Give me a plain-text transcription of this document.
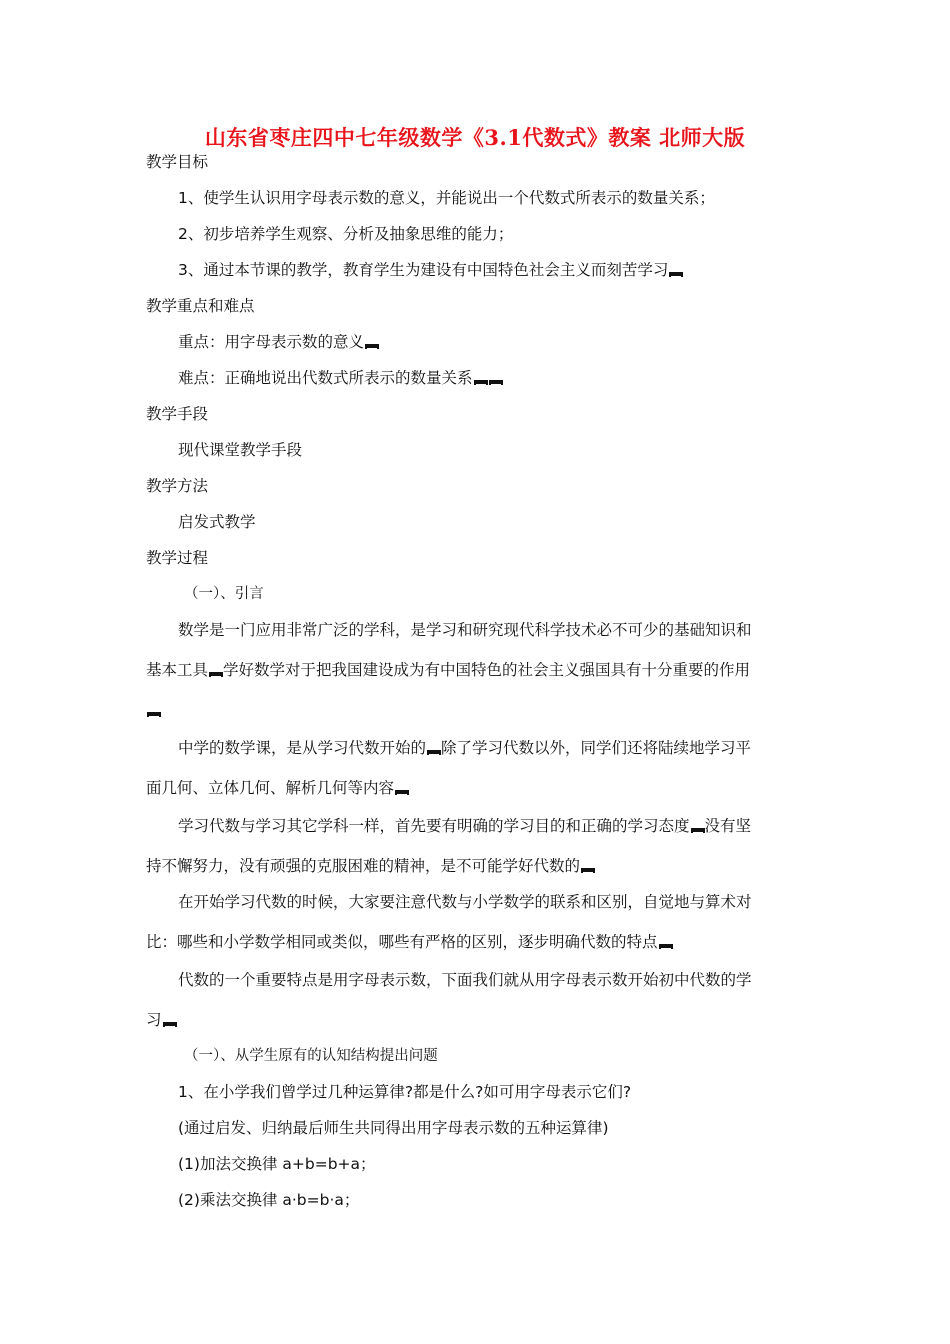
山东省枣庄四中七年级数学《3.1代数式》教案 北师大版
教学目标
1、使学生认识用字母表示数的意义，并能说出一个代数式所表示的数量关系；
2、初步培养学生观察、分析及抽象思维的能力；
3、通过本节课的教学，教育学生为建设有中国特色社会主义而刻苦学习
教学重点和难点
重点：用字母表示数的意义
难点：正确地说出代数式所表示的数量关系
教学手段
现代课堂教学手段
教学方法
启发式教学
教学过程
（一）、引言
数学是一门应用非常广泛的学科，是学习和研究现代科学技术必不可少的基础知识和
基本工具 学好数学对于把我国建设成为有中国特色的社会主义强国具有十分重要的作用
中学的数学课，是从学习代数开始的 除了学习代数以外，同学们还将陆续地学习平
面几何、立体几何、解析几何等内容
学习代数与学习其它学科一样，首先要有明确的学习目的和正确的学习态度 没有坚
持不懈努力，没有顽强的克服困难的精神，是不可能学好代数的
在开始学习代数的时候，大家要注意代数与小学数学的联系和区别，自觉地与算术对
比：哪些和小学数学相同或类似，哪些有严格的区别，逐步明确代数的特点
代数的一个重要特点是用字母表示数，下面我们就从用字母表示数开始初中代数的学
习
（一）、从学生原有的认知结构提出问题
1、在小学我们曾学过几种运算律?都是什么?如可用字母表示它们?
(通过启发、归纳最后师生共同得出用字母表示数的五种运算律)
(1)加法交换律 a+b=b+a；
(2)乘法交换律 a·b=b·a；
